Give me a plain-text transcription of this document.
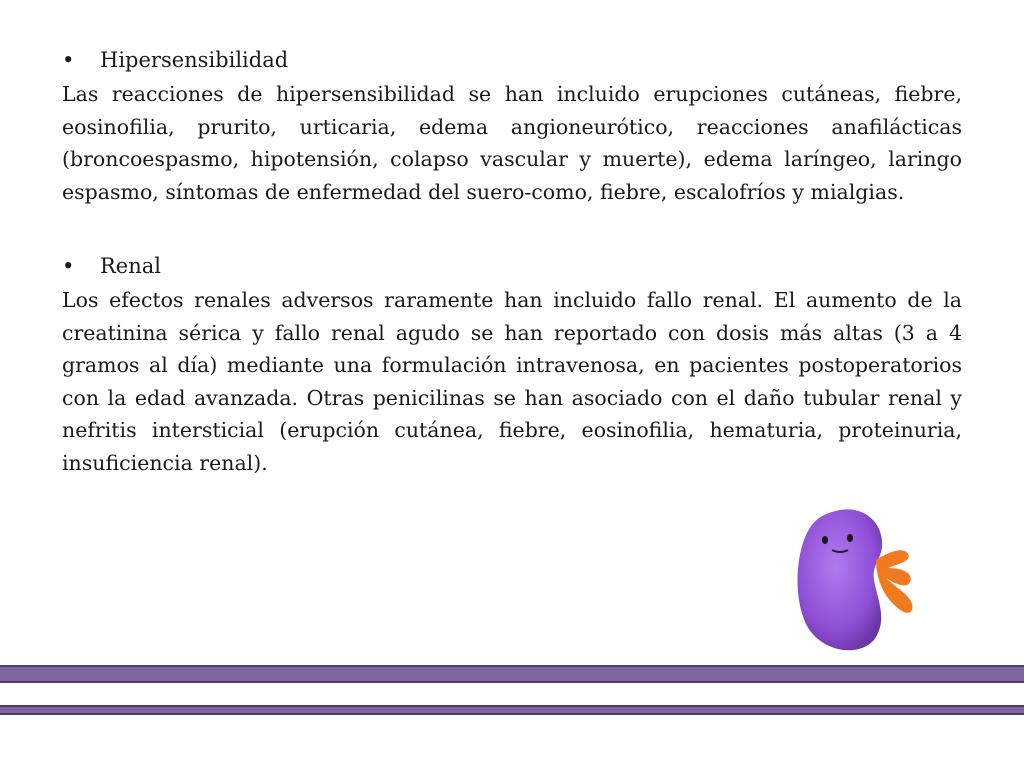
•	Hipersensibilidad

Las reacciones de hipersensibilidad se han incluido erupciones cutáneas, fiebre, eosinofilia, prurito, urticaria, edema angioneurótico, reacciones anafilácticas (broncoespasmo, hipotensión, colapso vascular y muerte), edema laríngeo, laringo espasmo, síntomas de enfermedad del suero-como, fiebre, escalofríos y mialgias.

•	Renal

Los efectos renales adversos raramente han incluido fallo renal. El aumento de la creatinina sérica y fallo renal agudo se han reportado con dosis más altas (3 a 4 gramos al día) mediante una formulación intravenosa, en pacientes postoperatorios con la edad avanzada. Otras penicilinas se han asociado con el daño tubular renal y nefritis intersticial (erupción cutánea, fiebre, eosinofilia, hematuria, proteinuria, insuficiencia renal).
